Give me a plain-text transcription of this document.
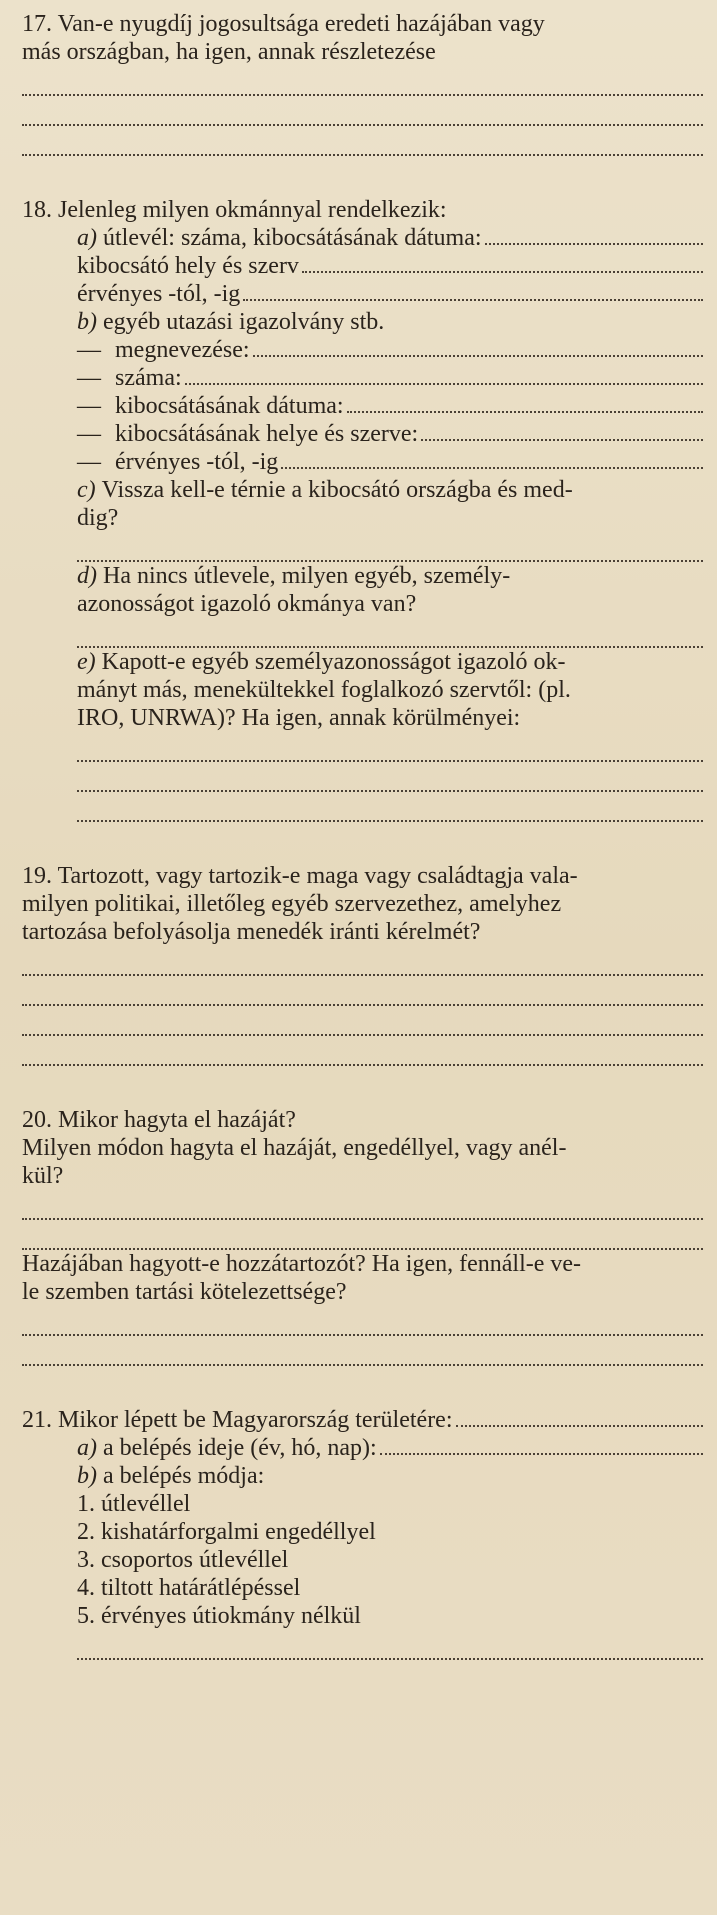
17. Van-e nyugdíj jogosultsága eredeti hazájában vagy
más országban, ha igen, annak részletezése
18. Jelenleg milyen okmánnyal rendelkezik:
a) útlevél: száma, kibocsátásának dátuma:
kibocsátó hely és szerv
érvényes -tól, -ig
b) egyéb utazási igazolvány stb.
— megnevezése:
— száma:
— kibocsátásának dátuma:
— kibocsátásának helye és szerve:
— érvényes -tól, -ig
c) Vissza kell-e térnie a kibocsátó országba és med-
dig?
d) Ha nincs útlevele, milyen egyéb, személy-
azonosságot igazoló okmánya van?
e) Kapott-e egyéb személyazonosságot igazoló ok-
mányt más, menekültekkel foglalkozó szervtől: (pl.
IRO, UNRWA)? Ha igen, annak körülményei:
19. Tartozott, vagy tartozik-e maga vagy családtagja vala-
milyen politikai, illetőleg egyéb szervezethez, amelyhez
tartozása befolyásolja menedék iránti kérelmét?
20. Mikor hagyta el hazáját?
Milyen módon hagyta el hazáját, engedéllyel, vagy anél-
kül?
Hazájában hagyott-e hozzátartozót? Ha igen, fennáll-e ve-
le szemben tartási kötelezettsége?
21. Mikor lépett be Magyarország területére:
a) a belépés ideje (év, hó, nap):
b) a belépés módja:
1. útlevéllel
2. kishatárforgalmi engedéllyel
3. csoportos útlevéllel
4. tiltott határátlépéssel
5. érvényes útiokmány nélkül
